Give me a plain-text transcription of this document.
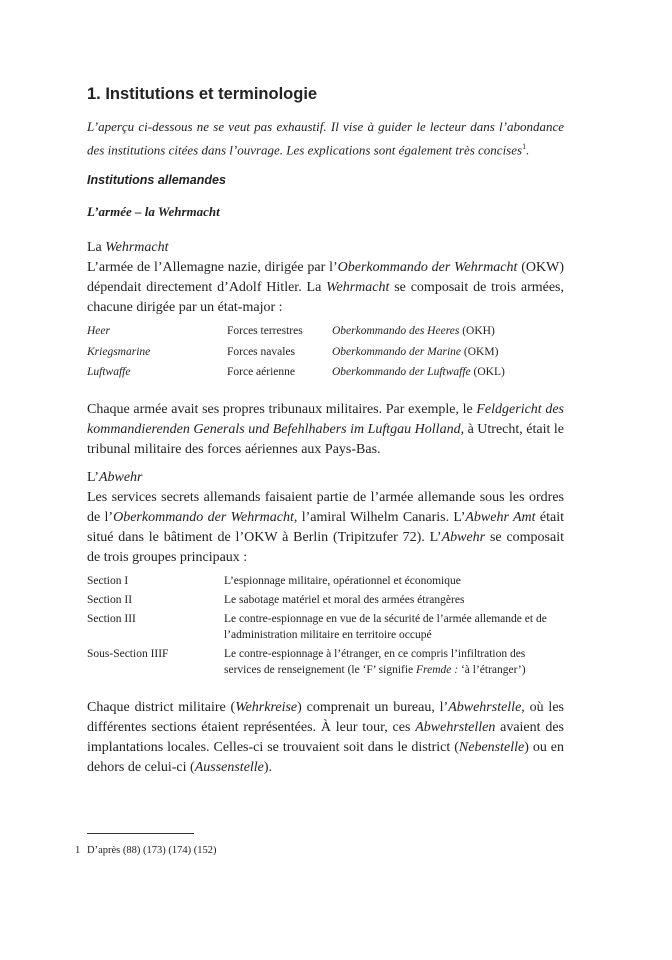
1. Institutions et terminologie

L’aperçu ci-dessous ne se veut pas exhaustif. Il vise à guider le lecteur dans l’abondance des institutions citées dans l’ouvrage. Les explications sont également très concises$^1$.

Institutions allemandes
L’armée – la Wehrmacht

La Wehrmacht
L’armée de l’Allemagne nazie, dirigée par l’Oberkommando der Wehrmacht (OKW) dépendait directement d’Adolf Hitler. La Wehrmacht se composait de trois armées, chacune dirigée par un état-major :

Heer	Forces terrestres	Oberkommando des Heeres (OKH)
Kriegsmarine	Forces navales	Oberkommando der Marine (OKM)
Luftwaffe	Force aérienne	Oberkommando der Luftwaffe (OKL)

Chaque armée avait ses propres tribunaux militaires. Par exemple, le Feldgericht des kommandierenden Generals und Befehlhabers im Luftgau Holland, à Utrecht, était le tribunal militaire des forces aériennes aux Pays-Bas.

L’Abwehr
Les services secrets allemands faisaient partie de l’armée allemande sous les ordres de l’Oberkommando der Wehrmacht, l’amiral Wilhelm Canaris. L’Abwehr Amt était situé dans le bâtiment de l’OKW à Berlin (Tripitzufer 72). L’Abwehr se composait de trois groupes principaux :

Section I	L’espionnage militaire, opérationnel et économique
Section II	Le sabotage matériel et moral des armées étrangères
Section III	Le contre-espionnage en vue de la sécurité de l’armée allemande et de l’administration militaire en territoire occupé
Sous-Section IIIF	Le contre-espionnage à l’étranger, en ce compris l’infiltration des services de renseignement (le ‘F’ signifie Fremde : ‘à l’étranger’)

Chaque district militaire (Wehrkreise) comprenait un bureau, l’Abwehrstelle, où les différentes sections étaient représentées. À leur tour, ces Abwehrstellen avaient des implantations locales. Celles-ci se trouvaient soit dans le district (Nebenstelle) ou en dehors de celui-ci (Aussenstelle).

1 D’après (88) (173) (174) (152)
